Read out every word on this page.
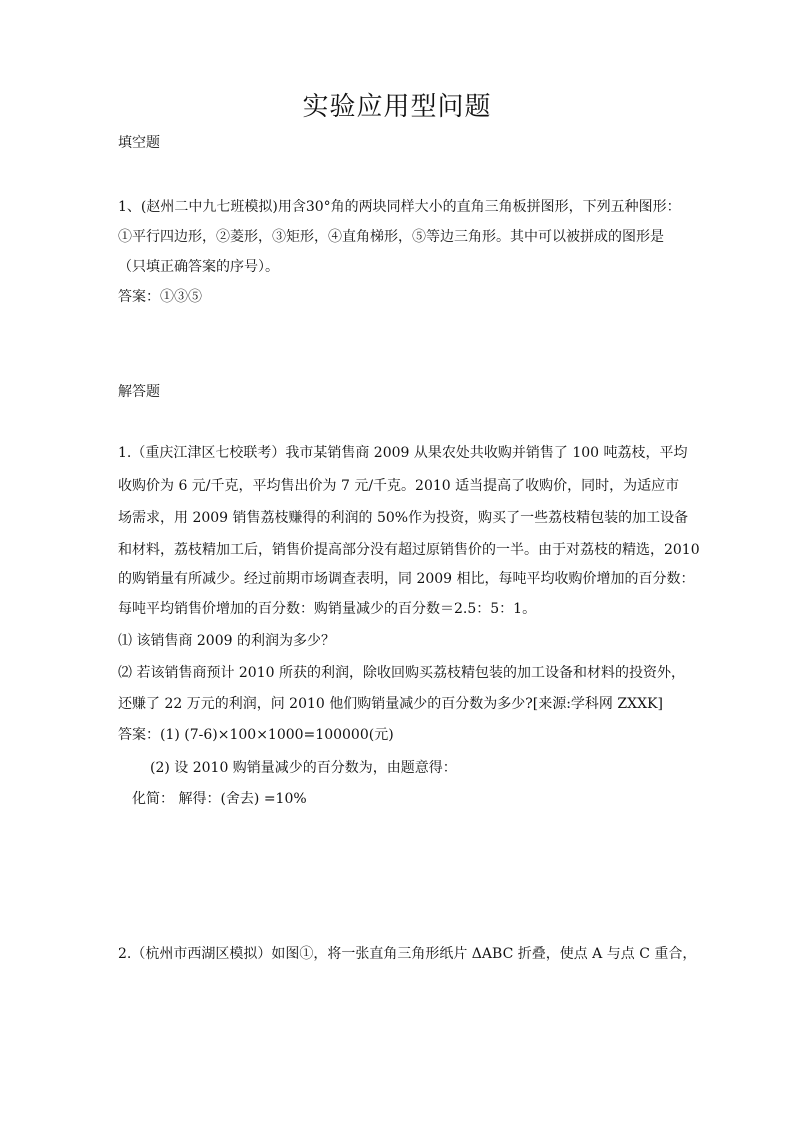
实验应用型问题
填空题
1、(赵州二中九七班模拟)用含30°角的两块同样大小的直角三角板拼图形，下列五种图形：
①平行四边形，②菱形，③矩形，④直角梯形，⑤等边三角形。其中可以被拼成的图形是
（只填正确答案的序号）。
答案：①③⑤
解答题
1.（重庆江津区七校联考）我市某销售商 2009 从果农处共收购并销售了 100 吨荔枝，平均
收购价为 6 元/千克，平均售出价为 7 元/千克。2010 适当提高了收购价，同时，为适应市
场需求，用 2009 销售荔枝赚得的利润的 50%作为投资，购买了一些荔枝精包装的加工设备
和材料，荔枝精加工后，销售价提高部分没有超过原销售价的一半。由于对荔枝的精选，2010
的购销量有所减少。经过前期市场调查表明，同 2009 相比，每吨平均收购价增加的百分数：
每吨平均销售价增加的百分数：购销量减少的百分数＝2.5：5：1。
⑴ 该销售商 2009 的利润为多少？
⑵ 若该销售商预计 2010 所获的利润，除收回购买荔枝精包装的加工设备和材料的投资外，
还赚了 22 万元的利润，问 2010 他们购销量减少的百分数为多少?[来源:学科网 ZXXK]
答案：(1) (7-6)×100×1000=100000(元)
(2) 设 2010 购销量减少的百分数为，由题意得：
化简： 解得：(舍去) =10%
2.（杭州市西湖区模拟）如图①，将一张直角三角形纸片 ΔABC 折叠，使点 A 与点 C 重合，
